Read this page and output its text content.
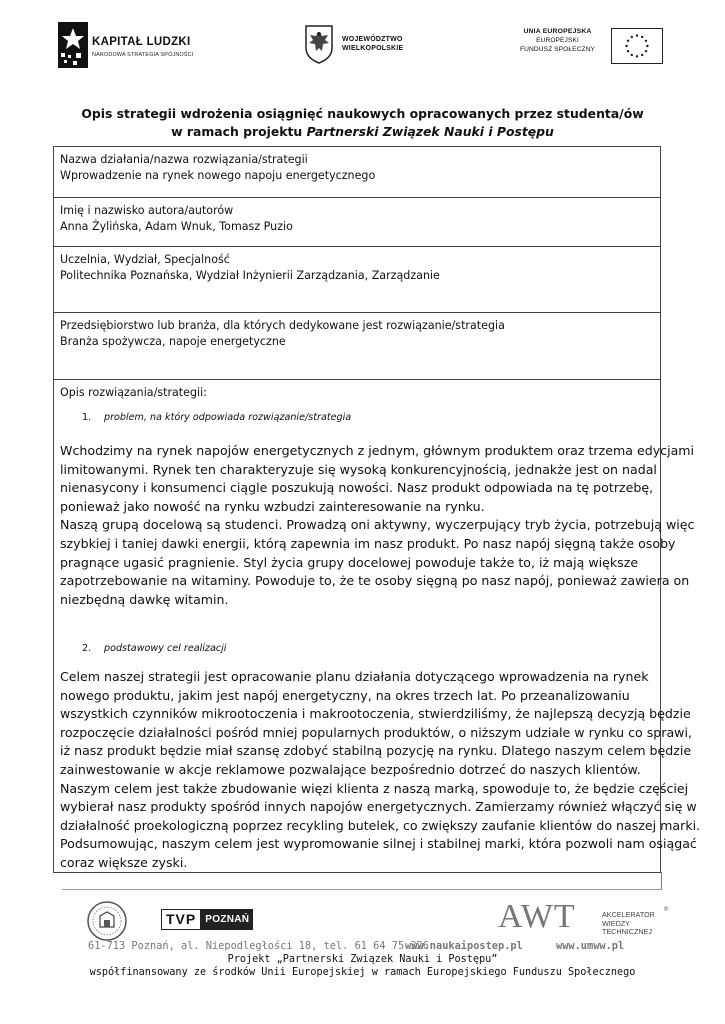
KAPITAŁ LUDZKI
NARODOWA STRATEGIA SPÓJNOŚCI
WOJEWÓDZTWO
WIELKOPOLSKIE
UNIA EUROPEJSKA
EUROPEJSKI
FUNDUSZ SPOŁECZNY
Opis strategii wdrożenia osiągnięć naukowych opracowanych przez studenta/ów
w ramach projektu Partnerski Związek Nauki i Postępu
Nazwa działania/nazwa rozwiązania/strategii
Wprowadzenie na rynek nowego napoju energetycznego
Imię i nazwisko autora/autorów
Anna Żylińska, Adam Wnuk, Tomasz Puzio
Uczelnia, Wydział, Specjalność
Politechnika Poznańska, Wydział Inżynierii Zarządzania, Zarządzanie
Przedsiębiorstwo lub branża, dla których dedykowane jest rozwiązanie/strategia
Branża spożywcza, napoje energetyczne
Opis rozwiązania/strategii:
1. problem, na który odpowiada rozwiązanie/strategia

Wchodzimy na rynek napojów energetycznych z jednym, głównym produktem oraz trzema edycjami

limitowanymi. Rynek ten charakteryzuje się wysoką konkurencyjnością, jednakże jest on nadal

nienasycony i konsumenci ciągle poszukują nowości. Nasz produkt odpowiada na tę potrzebę,

ponieważ jako nowość na rynku wzbudzi zainteresowanie na rynku.

Naszą grupą docelową są studenci. Prowadzą oni aktywny, wyczerpujący tryb życia, potrzebują więc

szybkiej i taniej dawki energii, którą zapewnia im nasz produkt. Po nasz napój sięgną także osoby

pragnące ugasić pragnienie. Styl życia grupy docelowej powoduje także to, iż mają większe

zapotrzebowanie na witaminy. Powoduje to, że te osoby sięgną po nasz napój, ponieważ zawiera on

niezbędną dawkę witamin.

2. podstawowy cel realizacji

Celem naszej strategii jest opracowanie planu działania dotyczącego wprowadzenia na rynek

nowego produktu, jakim jest napój energetyczny, na okres trzech lat. Po przeanalizowaniu

wszystkich czynników mikrootoczenia i makrootoczenia, stwierdziliśmy, że najlepszą decyzją będzie

rozpoczęcie działalności pośród mniej popularnych produktów, o niższym udziale w rynku co sprawi,

iż nasz produkt będzie miał szansę zdobyć stabilną pozycję na rynku. Dlatego naszym celem będzie

zainwestowanie w akcje reklamowe pozwalające bezpośrednio dotrzeć do naszych klientów.

Naszym celem jest także zbudowanie więzi klienta z naszą marką, spowoduje to, że będzie częściej

wybierał nasz produkty spośród innych napojów energetycznych. Zamierzamy również włączyć się w

działalność proekologiczną poprzez recykling butelek, co zwiększy zaufanie klientów do naszej marki.

Podsumowując, naszym celem jest wypromowanie silnej i stabilnej marki, która pozwoli nam osiągać

coraz większe zyski.

TVP POZNAŃ	AWT	AKCELERATOR
WIEDZY
TECHNICZNEJ
®
61-713 Poznań, al. Niepodległości 18, tel. 61 64 75 326
www.naukaipostep.pl	www.umww.pl
Projekt „Partnerski Związek Nauki i Postępu”
współfinansowany ze środków Unii Europejskiej w ramach Europejskiego Funduszu Społecznego
